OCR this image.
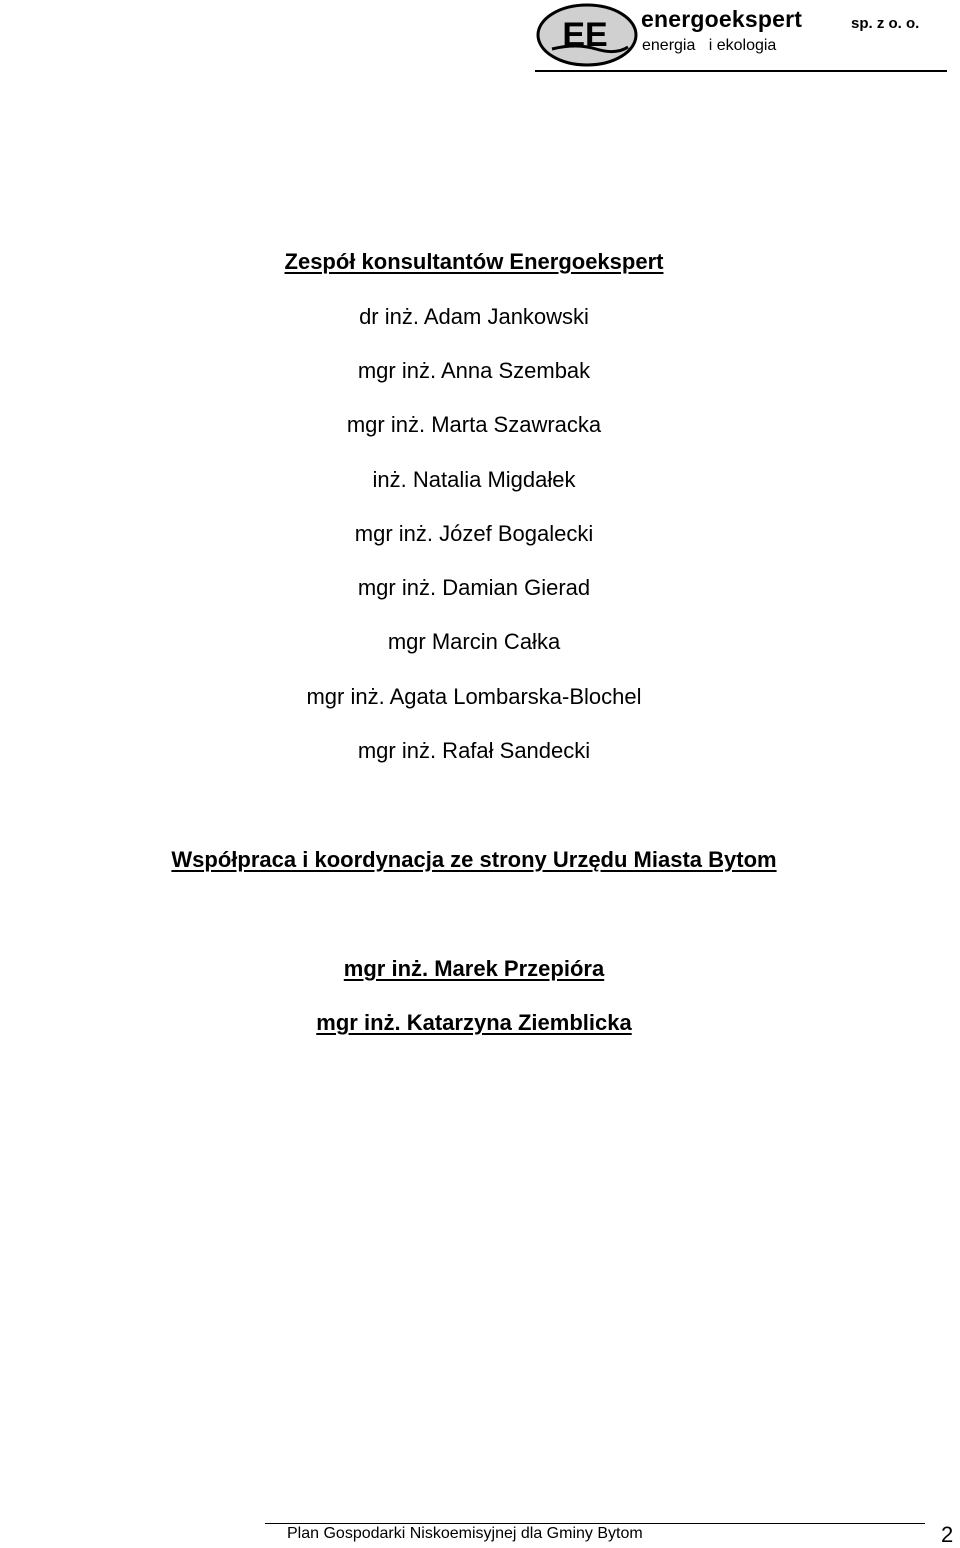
EE energoekspert
energia   i ekologia
sp. z o. o.
Zespół konsultantów Energoekspert
dr inż. Adam Jankowski
mgr inż. Anna Szembak
mgr inż. Marta Szawracka
inż. Natalia Migdałek
mgr inż. Józef Bogalecki
mgr inż. Damian Gierad
mgr Marcin Całka
mgr inż. Agata Lombarska-Blochel
mgr inż. Rafał Sandecki
Współpraca i koordynacja ze strony Urzędu Miasta Bytom
mgr inż. Marek Przepióra
mgr inż. Katarzyna Ziemblicka
Plan Gospodarki Niskoemisyjnej dla Gminy Bytom	2
